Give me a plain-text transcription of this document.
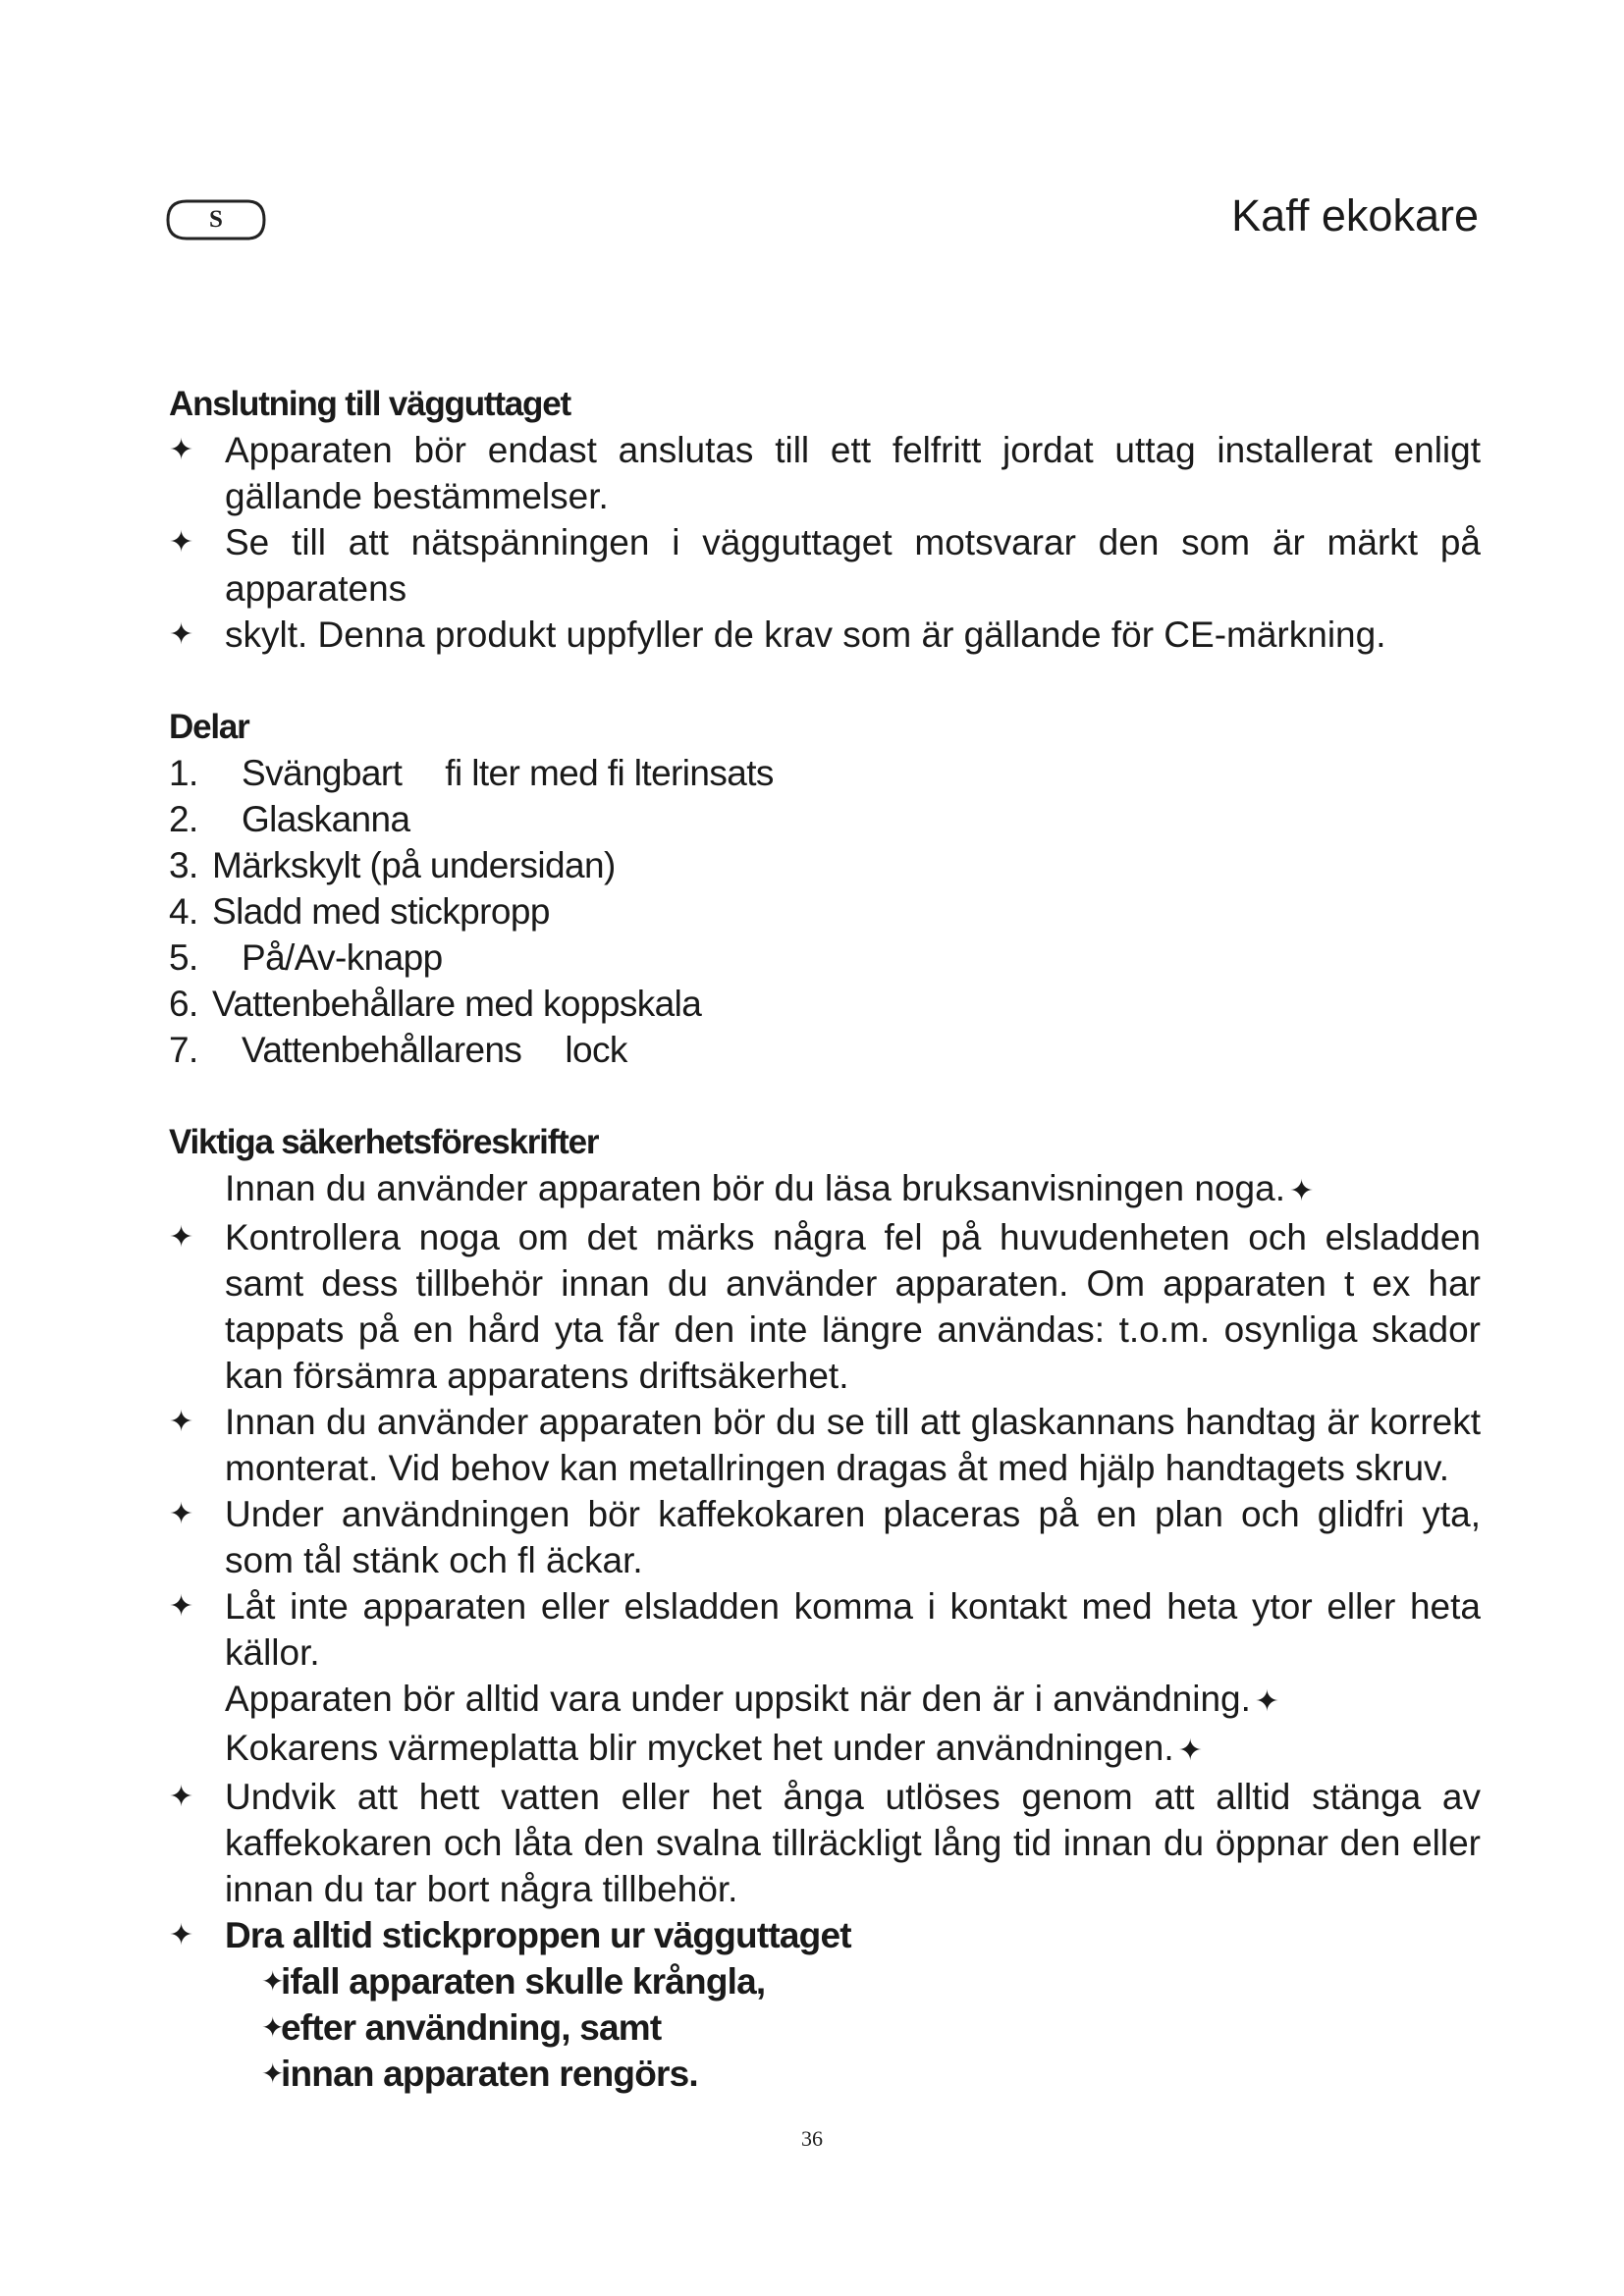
S	Kaff ekokare
Anslutning till vägguttaget
✦ Apparaten bör endast anslutas till ett felfritt jordat uttag installerat enligt gällande bestämmelser.
✦ Se till att nätspänningen i vägguttaget motsvarar den som är märkt på apparatens
✦ skylt. Denna produkt uppfyller de krav som är gällande för CE-märkning.
Delar
1. Svängbart fi lter med fi lterinsats
2. Glaskanna
3. Märkskylt (på undersidan)
4. Sladd med stickpropp
5. På/Av-knapp
6. Vattenbehållare med koppskala
7. Vattenbehållarens lock
Viktiga säkerhetsföreskrifter
Innan du använder apparaten bör du läsa bruksanvisningen noga. ✦
✦ Kontrollera noga om det märks några fel på huvudenheten och elsladden samt dess tillbehör innan du använder apparaten. Om apparaten t ex har tappats på en hård yta får den inte längre användas: t.o.m. osynliga skador kan försämra apparatens driftsäkerhet.
✦ Innan du använder apparaten bör du se till att glaskannans handtag är korrekt monterat. Vid behov kan metallringen dragas åt med hjälp handtagets skruv.
✦ Under användningen bör kaffekokaren placeras på en plan och glidfri yta, som tål stänk och fl äckar.
✦ Låt inte apparaten eller elsladden komma i kontakt med heta ytor eller heta källor.
Apparaten bör alltid vara under uppsikt när den är i användning. ✦
Kokarens värmeplatta blir mycket het under användningen. ✦
✦ Undvik att hett vatten eller het ånga utlöses genom att alltid stänga av kaffekokaren och låta den svalna tillräckligt lång tid innan du öppnar den eller innan du tar bort några tillbehör.
✦ Dra alltid stickproppen ur vägguttaget
✦
ifall apparaten skulle krångla,
✦
efter användning, samt
✦
innan apparaten rengörs.
36
